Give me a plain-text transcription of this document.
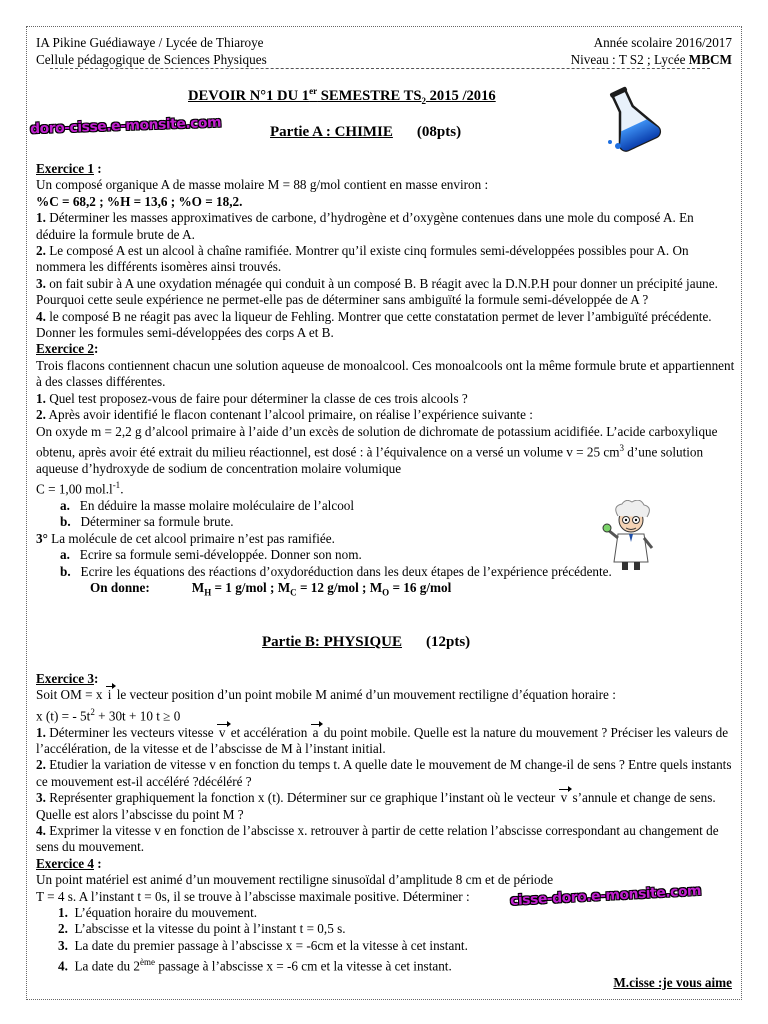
IA Pikine Guédiawaye / Lycée de Thiaroye	Année scolaire 2016/2017
Cellule pédagogique de Sciences Physiques	Niveau : T S2 ; Lycée MBCM
DEVOIR N°1 DU 1er SEMESTRE $TS_2$ 2015 /2016
doro-cisse.e-monsite.com	Partie A : CHIMIE (08pts)

Exercice 1 :

Un composé organique A de masse molaire M = 88 g/mol contient en masse environ :

%C = 68,2 ; %H = 13,6 ; %O = 18,2.

1. Déterminer les masses approximatives de carbone, d’hydrogène et d’oxygène contenues dans une mole du composé A. En déduire la formule brute de A.

2. Le composé A est un alcool à chaîne ramifiée. Montrer qu’il existe cinq formules semi-développées possibles pour A. On nommera les différents isomères ainsi trouvés.

3. on fait subir à A une oxydation ménagée qui conduit à un composé B. B réagit avec la D.N.P.H pour donner un précipité jaune. Pourquoi cette seule expérience ne permet-elle pas de déterminer sans ambiguïté la formule semi-développée de A ?

4. le composé B ne réagit pas avec la liqueur de Fehling. Montrer que cette constatation permet de lever l’ambiguïté précédente. Donner les formules semi-développées des corps A et B.

Exercice 2:

Trois flacons contiennent chacun une solution aqueuse de monoalcool. Ces monoalcools ont la même formule brute et appartiennent à des classes différentes.

1. Quel test proposez-vous de faire pour déterminer la classe de ces trois alcools ?

2. Après avoir identifié le flacon contenant l’alcool primaire, on réalise l’expérience suivante :

On oxyde m = 2,2 g d’alcool primaire à l’aide d’un excès de solution de dichromate de potassium acidifiée. L’acide carboxylique obtenu, après avoir été extrait du milieu réactionnel, est dosé : à l’équivalence on a versé un volume v = 25 $cm^3$ d’une solution aqueuse d’hydroxyde de sodium de concentration molaire volumique

C = 1,00 $mol.l^{-1}$.

a. En déduire la masse molaire moléculaire de l’alcool

b. Déterminer sa formule brute.

3° La molécule de cet alcool primaire n’est pas ramifiée.

a. Ecrire sa formule semi-développée. Donner son nom.

b. Ecrire les équations des réactions d’oxydoréduction dans les deux étapes de l’expérience précédente.

On donne:	$M_H = 1$ g/mol ; $M_C = 12$ g/mol ; $M_O = 16$ g/mol

Partie B: PHYSIQUE (12pts)

Exercice 3:

Soit OM = x i le vecteur position d’un point mobile M animé d’un mouvement rectiligne d’équation horaire :

x (t) = - $5t^2 + 30t + 10$ t ≥ 0

1. Déterminer les vecteurs vitesse v et accélération a du point mobile. Quelle est la nature du mouvement ? Préciser les valeurs de l’accélération, de la vitesse et de l’abscisse de M à l’instant initial.

2. Etudier la variation de vitesse v en fonction du temps t. A quelle date le mouvement de M change-il de sens ? Entre quels instants ce mouvement est-il accéléré ?décéléré ?

3. Représenter graphiquement la fonction x (t). Déterminer sur ce graphique l’instant où le vecteur v s’annule et change de sens. Quelle est alors l’abscisse du point M ?

4. Exprimer la vitesse v en fonction de l’abscisse x. retrouver à partir de cette relation l’abscisse correspondant au changement de sens du mouvement.

Exercice 4 :

Un point matériel est animé d’un mouvement rectiligne sinusoïdal d’amplitude 8 cm et de période

T = 4 s. A l’instant t = 0s, il se trouve à l’abscisse maximale positive. Déterminer :

1. L’équation horaire du mouvement.

2. L’abscisse et la vitesse du point à l’instant t = 0,5 s.

3. La date du premier passage à l’abscisse x = -6cm et la vitesse à cet instant.

4. La date du 2ème passage à l’abscisse x = -6 cm et la vitesse à cet instant.

cisse-doro.e-monsite.com
M.cisse :je vous aime
